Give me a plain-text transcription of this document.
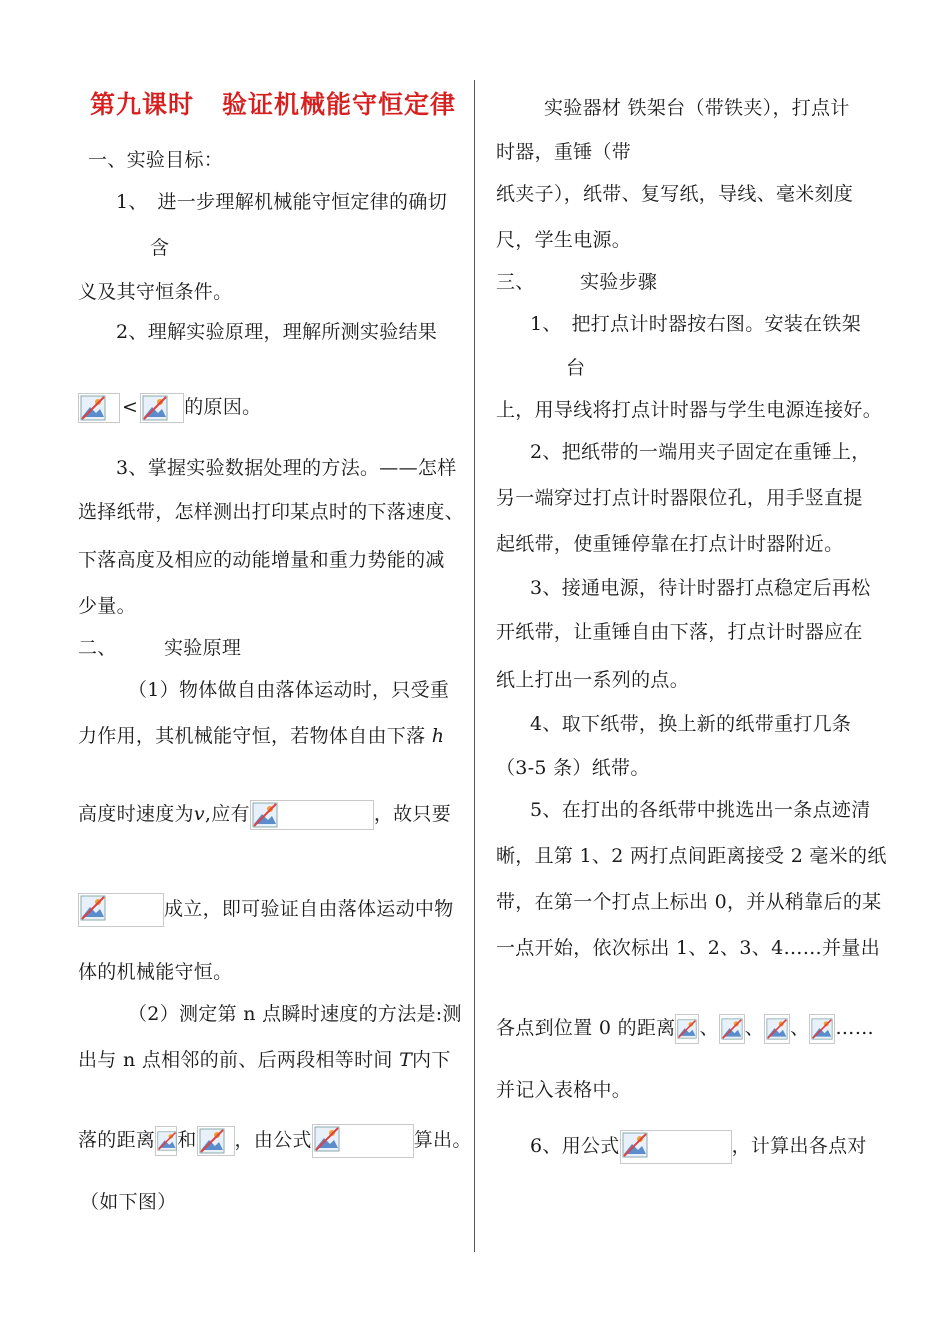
第九课时 验证机械能守恒定律
一、实验目标：
1、　进一步理解机械能守恒定律的确切
含
义及其守恒条件。
2、理解实验原理，理解所测实验结果
< 的原因。
3、掌握实验数据处理的方法。——怎样
选择纸带，怎样测出打印某点时的下落速度、
下落高度及相应的动能增量和重力势能的减
少量。
二、 实验原理
（1）物体做自由落体运动时，只受重
力作用，其机械能守恒，若物体自由下落 h
高度时速度为v,应有	，故只要
成立，即可验证自由落体运动中物
体的机械能守恒。
（2）测定第 n 点瞬时速度的方法是:测
出与 n 点相邻的前、后两段相等时间 T内下
落的距离 和 ，由公式	算出。
（如下图）
实验器材 铁架台（带铁夹），打点计
时器，重锤（带
纸夹子），纸带、复写纸，导线、毫米刻度
尺，学生电源。
三、 实验步骤
1、　把打点计时器按右图。安装在铁架
台
上，用导线将打点计时器与学生电源连接好。
2、把纸带的一端用夹子固定在重锤上，
另一端穿过打点计时器限位孔，用手竖直提
起纸带，使重锤停靠在打点计时器附近。
3、接通电源，待计时器打点稳定后再松
开纸带，让重锤自由下落，打点计时器应在
纸上打出一系列的点。
4、取下纸带，换上新的纸带重打几条
（3-5 条）纸带。
5、在打出的各纸带中挑选出一条点迹清
晰，且第 1、2 两打点间距离接受 2 毫米的纸
带，在第一个打点上标出 0，并从稍靠后的某
一点开始，依次标出 1、2、3、4……并量出
各点到位置 0 的距离 、 、 、 ……
并记入表格中。
6、用公式	，计算出各点对
